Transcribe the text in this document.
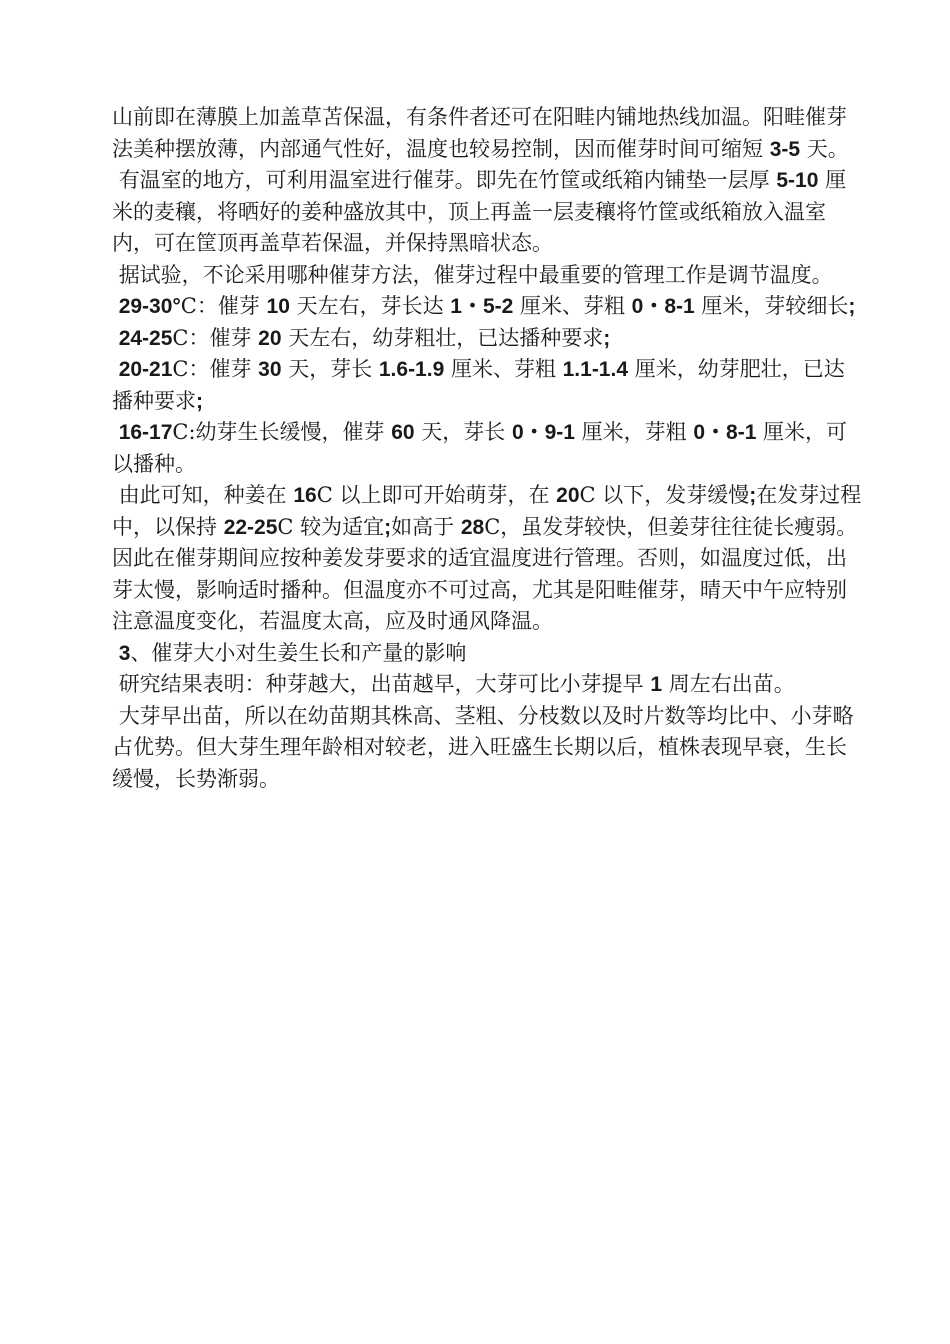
山前即在薄膜上加盖草苫保温，有条件者还可在阳畦内铺地热线加温。阳畦催芽法美种摆放薄，内部通气性好，温度也较易控制，因而催芽时间可缩短 3-5 天。

有温室的地方，可利用温室进行催芽。即先在竹筐或纸箱内铺垫一层厚 5-10 厘米的麦穰，将晒好的姜种盛放其中，顶上再盖一层麦穰将竹筐或纸箱放入温室内，可在筐顶再盖草若保温，并保持黑暗状态。

据试验，不论采用哪种催芽方法，催芽过程中最重要的管理工作是调节温度。

29-30°C：催芽 10 天左右，芽长达 1・5-2 厘米、芽粗 0・8-1 厘米，芽较细长;

24-25C：催芽 20 天左右，幼芽粗壮，已达播种要求;

20-21C：催芽 30 天，芽长 1.6-1.9 厘米、芽粗 1.1-1.4 厘米，幼芽肥壮，已达播种要求;

16-17C:幼芽生长缓慢，催芽 60 天，芽长 0・9-1 厘米，芽粗 0・8-1 厘米，可以播种。

由此可知，种姜在 16C 以上即可开始萌芽，在 20C 以下，发芽缓慢;在发芽过程中，以保持 22-25C 较为适宜;如高于 28C，虽发芽较快，但姜芽往往徒长瘦弱。因此在催芽期间应按种姜发芽要求的适宜温度进行管理。否则，如温度过低，出芽太慢，影响适时播种。但温度亦不可过高，尤其是阳畦催芽，晴天中午应特别注意温度变化，若温度太高，应及时通风降温。

3、催芽大小对生姜生长和产量的影响

研究结果表明：种芽越大，出苗越早，大芽可比小芽提早 1 周左右出苗。

大芽早出苗，所以在幼苗期其株高、茎粗、分枝数以及时片数等均比中、小芽略占优势。但大芽生理年龄相对较老，进入旺盛生长期以后，植株表现早衰，生长缓慢，长势渐弱。
